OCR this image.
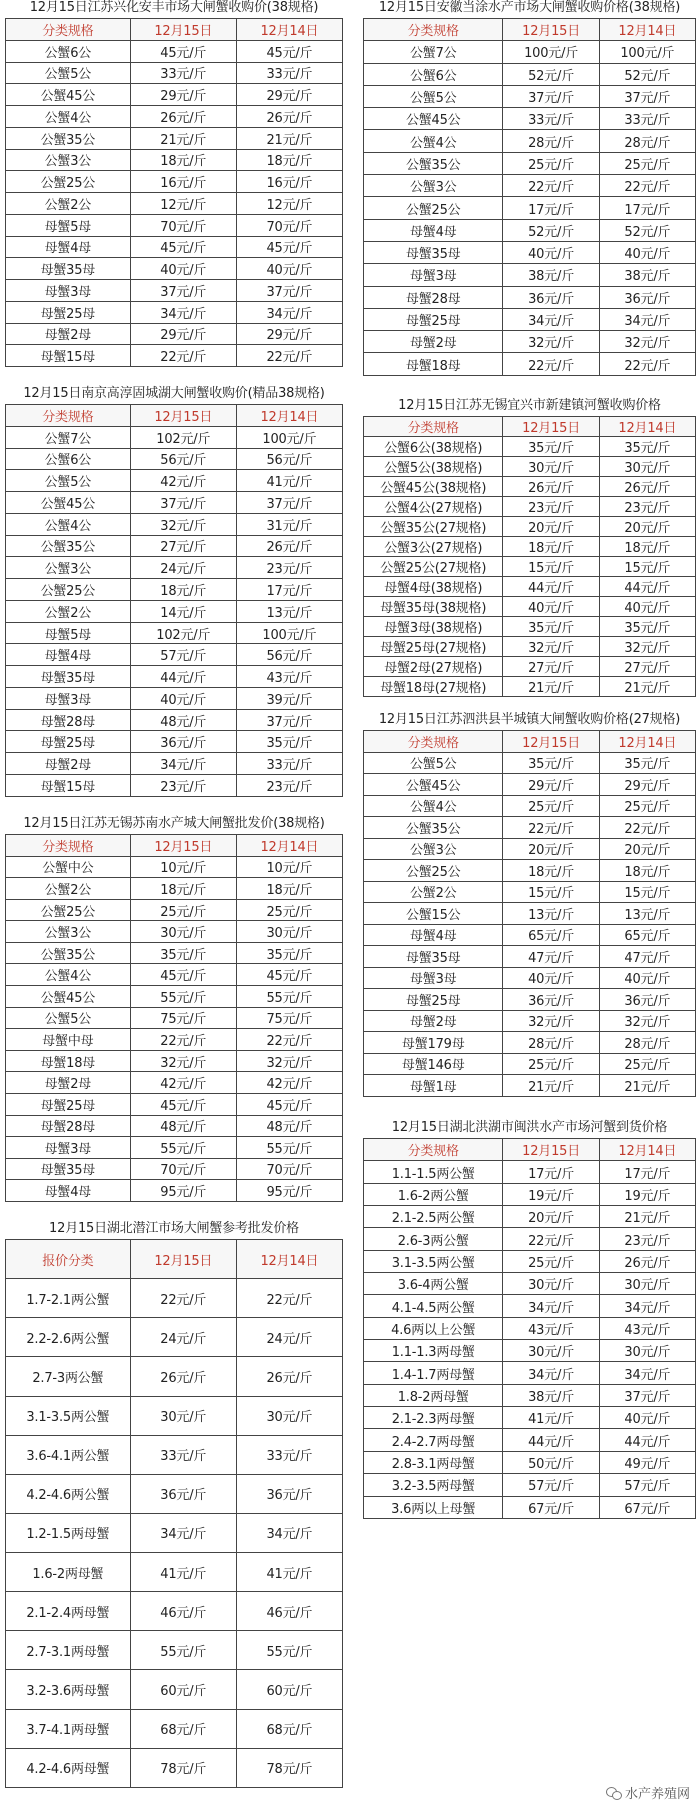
12月15日江苏兴化安丰市场大闸蟹收购价(38规格)
分类规格	12月15日	12月14日
公蟹6公	45元/斤	45元/斤
公蟹5公	33元/斤	33元/斤
公蟹45公	29元/斤	29元/斤
公蟹4公	26元/斤	26元/斤
公蟹35公	21元/斤	21元/斤
公蟹3公	18元/斤	18元/斤
公蟹25公	16元/斤	16元/斤
公蟹2公	12元/斤	12元/斤
母蟹5母	70元/斤	70元/斤
母蟹4母	45元/斤	45元/斤
母蟹35母	40元/斤	40元/斤
母蟹3母	37元/斤	37元/斤
母蟹25母	34元/斤	34元/斤
母蟹2母	29元/斤	29元/斤
母蟹15母	22元/斤	22元/斤
12月15日南京高淳固城湖大闸蟹收购价(精品38规格)
分类规格	12月15日	12月14日
公蟹7公	102元/斤	100元/斤
公蟹6公	56元/斤	56元/斤
公蟹5公	42元/斤	41元/斤
公蟹45公	37元/斤	37元/斤
公蟹4公	32元/斤	31元/斤
公蟹35公	27元/斤	26元/斤
公蟹3公	24元/斤	23元/斤
公蟹25公	18元/斤	17元/斤
公蟹2公	14元/斤	13元/斤
母蟹5母	102元/斤	100元/斤
母蟹4母	57元/斤	56元/斤
母蟹35母	44元/斤	43元/斤
母蟹3母	40元/斤	39元/斤
母蟹28母	48元/斤	37元/斤
母蟹25母	36元/斤	35元/斤
母蟹2母	34元/斤	33元/斤
母蟹15母	23元/斤	23元/斤
12月15日江苏无锡苏南水产城大闸蟹批发价(38规格)
分类规格	12月15日	12月14日
公蟹中公	10元/斤	10元/斤
公蟹2公	18元/斤	18元/斤
公蟹25公	25元/斤	25元/斤
公蟹3公	30元/斤	30元/斤
公蟹35公	35元/斤	35元/斤
公蟹4公	45元/斤	45元/斤
公蟹45公	55元/斤	55元/斤
公蟹5公	75元/斤	75元/斤
母蟹中母	22元/斤	22元/斤
母蟹18母	32元/斤	32元/斤
母蟹2母	42元/斤	42元/斤
母蟹25母	45元/斤	45元/斤
母蟹28母	48元/斤	48元/斤
母蟹3母	55元/斤	55元/斤
母蟹35母	70元/斤	70元/斤
母蟹4母	95元/斤	95元/斤
12月15日湖北潜江市场大闸蟹参考批发价格
报价分类	12月15日	12月14日
1.7-2.1两公蟹	22元/斤	22元/斤
2.2-2.6两公蟹	24元/斤	24元/斤
2.7-3两公蟹	26元/斤	26元/斤
3.1-3.5两公蟹	30元/斤	30元/斤
3.6-4.1两公蟹	33元/斤	33元/斤
4.2-4.6两公蟹	36元/斤	36元/斤
1.2-1.5两母蟹	34元/斤	34元/斤
1.6-2两母蟹	41元/斤	41元/斤
2.1-2.4两母蟹	46元/斤	46元/斤
2.7-3.1两母蟹	55元/斤	55元/斤
3.2-3.6两母蟹	60元/斤	60元/斤
3.7-4.1两母蟹	68元/斤	68元/斤
4.2-4.6两母蟹	78元/斤	78元/斤
12月15日安徽当涂水产市场大闸蟹收购价格(38规格)
分类规格	12月15日	12月14日
公蟹7公	100元/斤	100元/斤
公蟹6公	52元/斤	52元/斤
公蟹5公	37元/斤	37元/斤
公蟹45公	33元/斤	33元/斤
公蟹4公	28元/斤	28元/斤
公蟹35公	25元/斤	25元/斤
公蟹3公	22元/斤	22元/斤
公蟹25公	17元/斤	17元/斤
母蟹4母	52元/斤	52元/斤
母蟹35母	40元/斤	40元/斤
母蟹3母	38元/斤	38元/斤
母蟹28母	36元/斤	36元/斤
母蟹25母	34元/斤	34元/斤
母蟹2母	32元/斤	32元/斤
母蟹18母	22元/斤	22元/斤
12月15日江苏无锡宜兴市新建镇河蟹收购价格
分类规格	12月15日	12月14日
公蟹6公(38规格)	35元/斤	35元/斤
公蟹5公(38规格)	30元/斤	30元/斤
公蟹45公(38规格)	26元/斤	26元/斤
公蟹4公(27规格)	23元/斤	23元/斤
公蟹35公(27规格)	20元/斤	20元/斤
公蟹3公(27规格)	18元/斤	18元/斤
公蟹25公(27规格)	15元/斤	15元/斤
母蟹4母(38规格)	44元/斤	44元/斤
母蟹35母(38规格)	40元/斤	40元/斤
母蟹3母(38规格)	35元/斤	35元/斤
母蟹25母(27规格)	32元/斤	32元/斤
母蟹2母(27规格)	27元/斤	27元/斤
母蟹18母(27规格)	21元/斤	21元/斤
12月15日江苏泗洪县半城镇大闸蟹收购价格(27规格)
分类规格	12月15日	12月14日
公蟹5公	35元/斤	35元/斤
公蟹45公	29元/斤	29元/斤
公蟹4公	25元/斤	25元/斤
公蟹35公	22元/斤	22元/斤
公蟹3公	20元/斤	20元/斤
公蟹25公	18元/斤	18元/斤
公蟹2公	15元/斤	15元/斤
公蟹15公	13元/斤	13元/斤
母蟹4母	65元/斤	65元/斤
母蟹35母	47元/斤	47元/斤
母蟹3母	40元/斤	40元/斤
母蟹25母	36元/斤	36元/斤
母蟹2母	32元/斤	32元/斤
母蟹179母	28元/斤	28元/斤
母蟹146母	25元/斤	25元/斤
母蟹1母	21元/斤	21元/斤
12月15日湖北洪湖市闽洪水产市场河蟹到货价格
分类规格	12月15日	12月14日
1.1-1.5两公蟹	17元/斤	17元/斤
1.6-2两公蟹	19元/斤	19元/斤
2.1-2.5两公蟹	20元/斤	21元/斤
2.6-3两公蟹	22元/斤	23元/斤
3.1-3.5两公蟹	25元/斤	26元/斤
3.6-4两公蟹	30元/斤	30元/斤
4.1-4.5两公蟹	34元/斤	34元/斤
4.6两以上公蟹	43元/斤	43元/斤
1.1-1.3两母蟹	30元/斤	30元/斤
1.4-1.7两母蟹	34元/斤	34元/斤
1.8-2两母蟹	38元/斤	37元/斤
2.1-2.3两母蟹	41元/斤	40元/斤
2.4-2.7两母蟹	44元/斤	44元/斤
2.8-3.1两母蟹	50元/斤	49元/斤
3.2-3.5两母蟹	57元/斤	57元/斤
3.6两以上母蟹	67元/斤	67元/斤
水产养殖网
